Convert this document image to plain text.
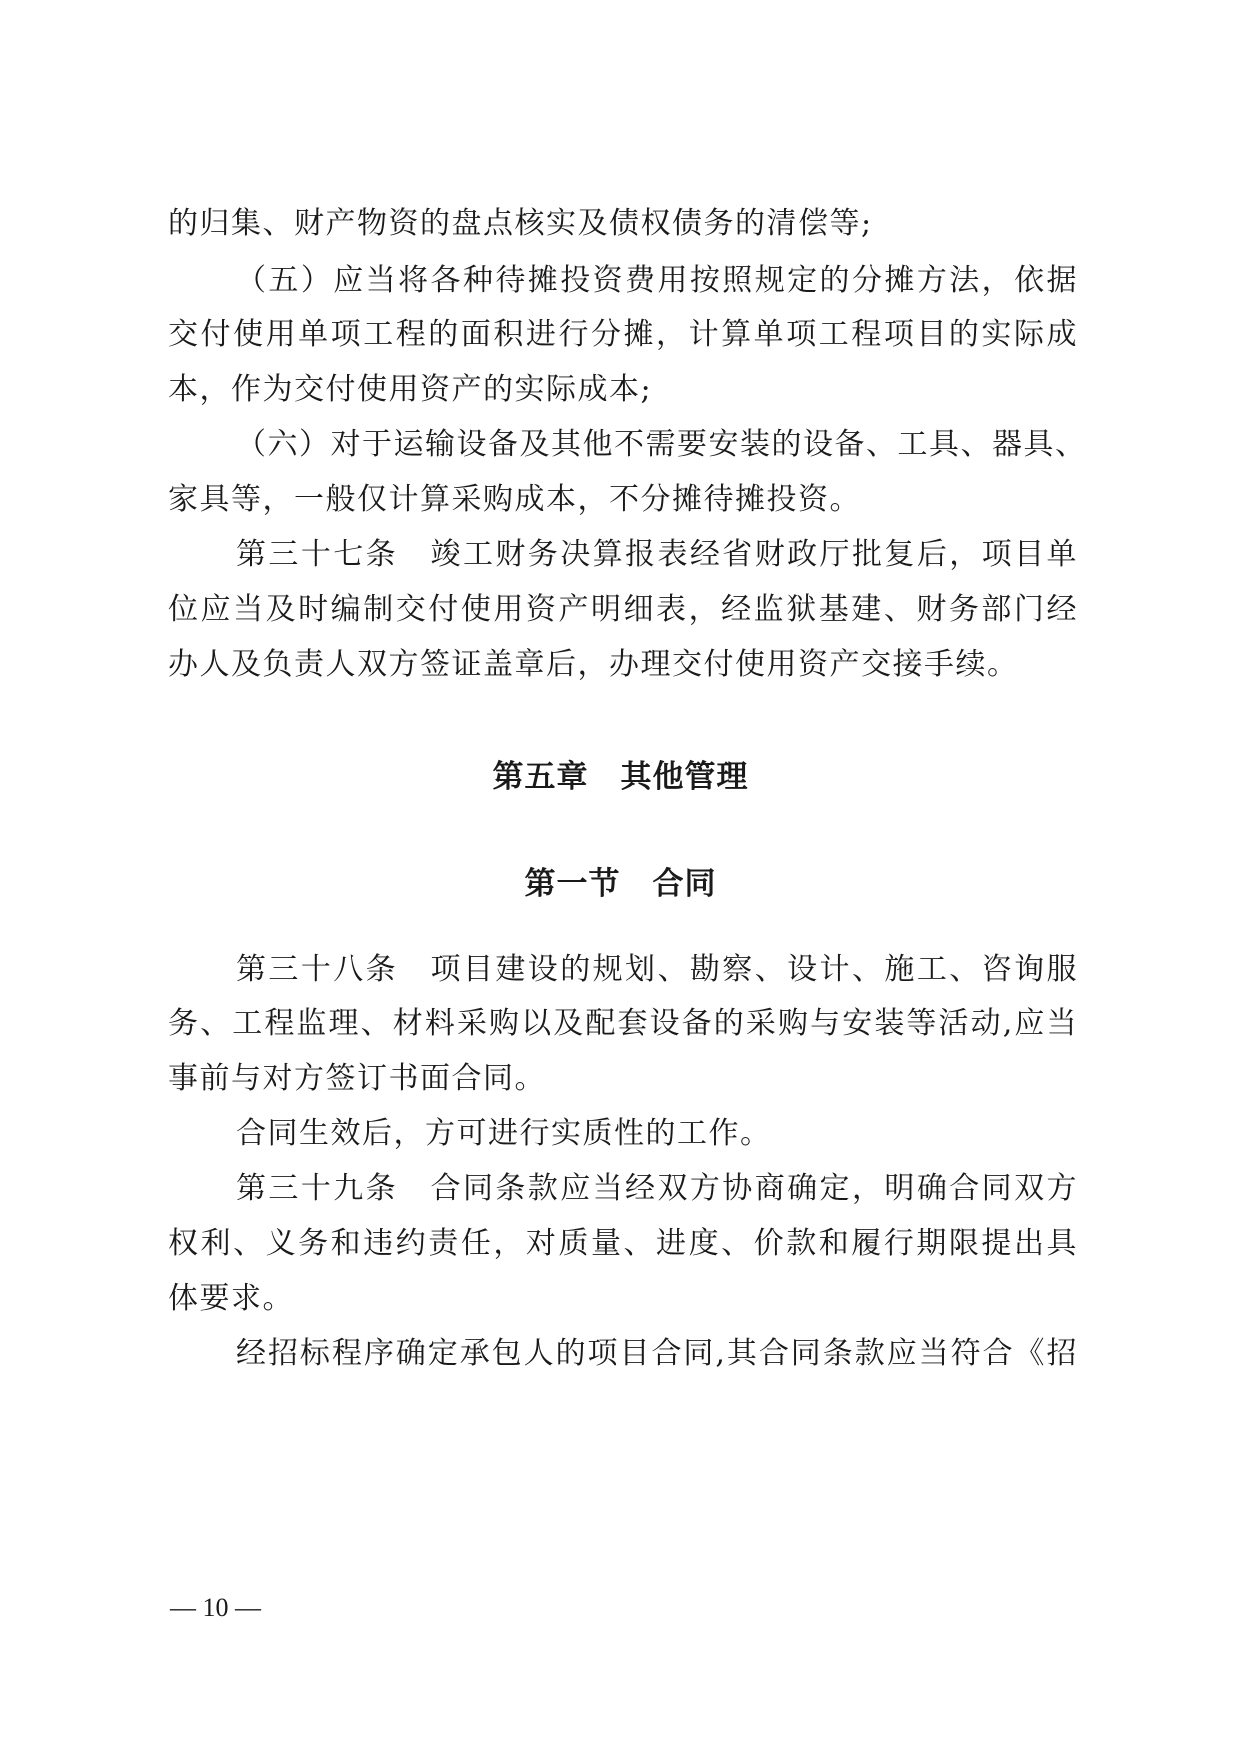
的归集、财产物资的盘点核实及债权债务的清偿等;
（五）应当将各种待摊投资费用按照规定的分摊方法，依据
交付使用单项工程的面积进行分摊，计算单项工程项目的实际成
本，作为交付使用资产的实际成本;
（六）对于运输设备及其他不需要安装的设备、工具、器具、
家具等，一般仅计算采购成本，不分摊待摊投资。
第三十七条　竣工财务决算报表经省财政厅批复后，项目单
位应当及时编制交付使用资产明细表，经监狱基建、财务部门经
办人及负责人双方签证盖章后，办理交付使用资产交接手续。
第五章　其他管理
第一节　合同
第三十八条　项目建设的规划、勘察、设计、施工、咨询服
务、工程监理、材料采购以及配套设备的采购与安装等活动,应当
事前与对方签订书面合同。
合同生效后，方可进行实质性的工作。
第三十九条　合同条款应当经双方协商确定，明确合同双方
权利、义务和违约责任，对质量、进度、价款和履行期限提出具
体要求。
经招标程序确定承包人的项目合同,其合同条款应当符合《招
— 10 —
